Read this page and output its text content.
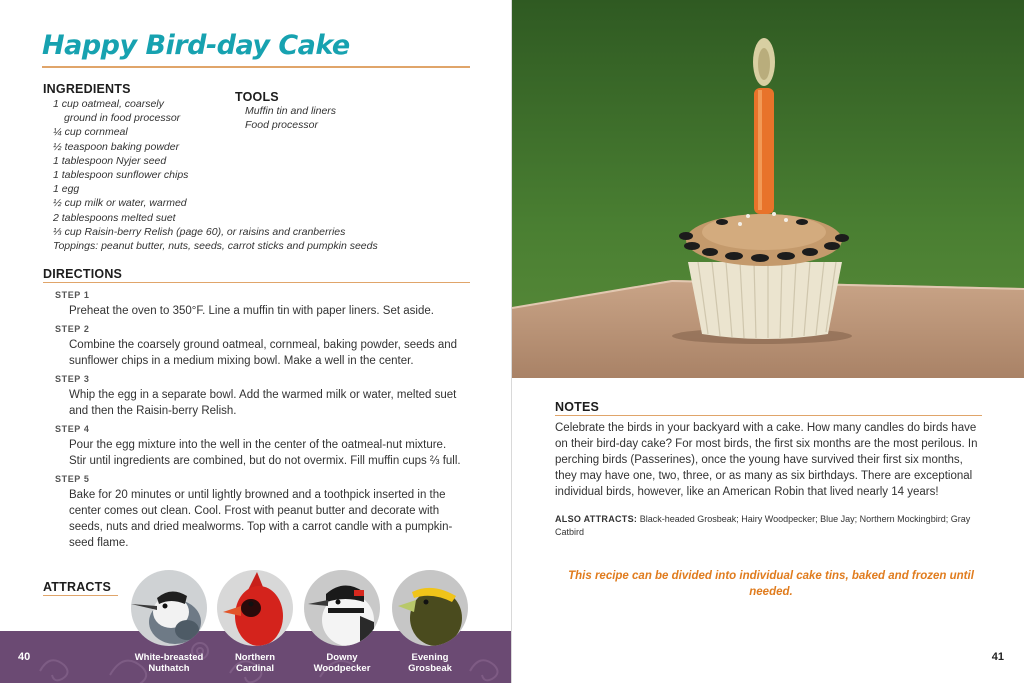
Happy Bird-day Cake
INGREDIENTS
1 cup oatmeal, coarsely
ground in food processor
¼ cup cornmeal
½ teaspoon baking powder
1 tablespoon Nyjer seed
1 tablespoon sunflower chips
1 egg
½ cup milk or water, warmed
2 tablespoons melted suet
⅓ cup Raisin-berry Relish (page 60), or raisins and cranberries
Toppings: peanut butter, nuts, seeds, carrot sticks and pumpkin seeds
TOOLS
Muffin tin and liners
Food processor
DIRECTIONS
STEP 1
Preheat the oven to 350°F. Line a muffin tin with paper liners. Set aside.
STEP 2
Combine the coarsely ground oatmeal, cornmeal, baking powder, seeds and sunflower chips in a medium mixing bowl. Make a well in the center.
STEP 3
Whip the egg in a separate bowl. Add the warmed milk or water, melted suet and then the Raisin-berry Relish.
STEP 4
Pour the egg mixture into the well in the center of the oatmeal-nut mixture. Stir until ingredients are combined, but do not overmix. Fill muffin cups ⅔ full.
STEP 5
Bake for 20 minutes or until lightly browned and a toothpick inserted in the center comes out clean. Cool. Frost with peanut butter and decorate with seeds, nuts and dried mealworms. Top with a carrot candle with a pumpkin-seed flame.
ATTRACTS
40	White-breasted
Nuthatch
Northern
Cardinal
Downy
Woodpecker
Evening
Grosbeak
NOTES

Celebrate the birds in your backyard with a cake. How many candles do birds have on their bird-day cake? For most birds, the first six months are the most perilous. In perching birds (Passerines), once the young have survived their first six months, they may have one, two, three, or as many as six birthdays. There are exceptional individual birds, however, like an American Robin that lived nearly 14 years!

ALSO ATTRACTS: Black-headed Grosbeak; Hairy Woodpecker; Blue Jay; Northern Mockingbird; Gray Catbird

This recipe can be divided into individual cake tins, baked and frozen until needed.

41
